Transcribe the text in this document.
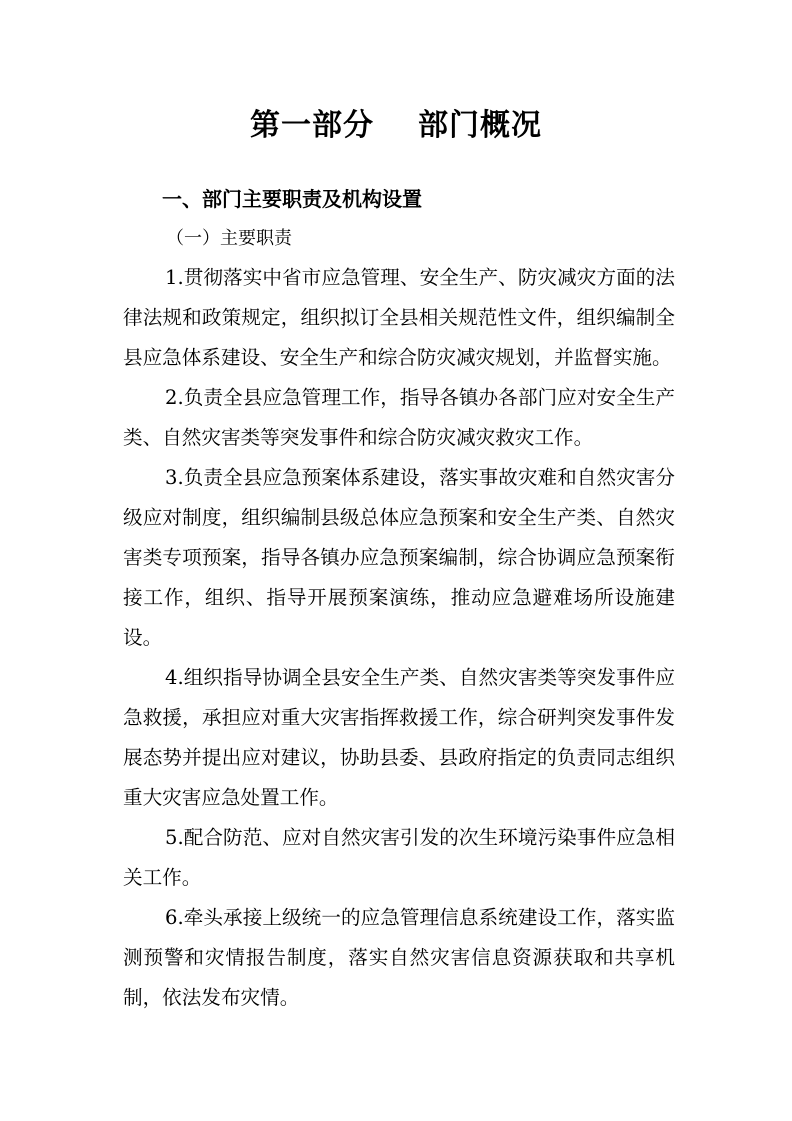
第一部分 部门概况
一、部门主要职责及机构设置
（一）主要职责

1.贯彻落实中省市应急管理、安全生产、防灾减灾方面的法律法规和政策规定，组织拟订全县相关规范性文件，组织编制全县应急体系建设、安全生产和综合防灾减灾规划，并监督实施。

2.负责全县应急管理工作，指导各镇办各部门应对安全生产类、自然灾害类等突发事件和综合防灾减灾救灾工作。

3.负责全县应急预案体系建设，落实事故灾难和自然灾害分级应对制度，组织编制县级总体应急预案和安全生产类、自然灾害类专项预案，指导各镇办应急预案编制，综合协调应急预案衔接工作，组织、指导开展预案演练，推动应急避难场所设施建设。

4.组织指导协调全县安全生产类、自然灾害类等突发事件应急救援，承担应对重大灾害指挥救援工作，综合研判突发事件发展态势并提出应对建议，协助县委、县政府指定的负责同志组织重大灾害应急处置工作。

5.配合防范、应对自然灾害引发的次生环境污染事件应急相关工作。

6.牵头承接上级统一的应急管理信息系统建设工作，落实监测预警和灾情报告制度，落实自然灾害信息资源获取和共享机制，依法发布灾情。
